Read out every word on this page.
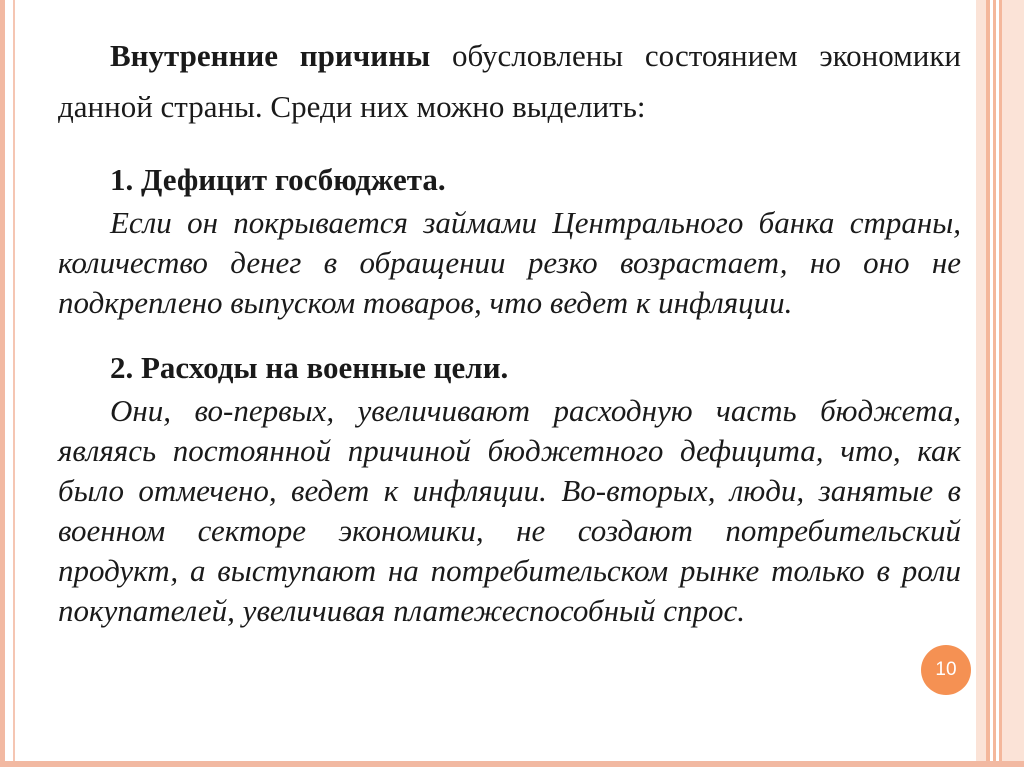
Внутренние причины обусловлены состоянием экономики данной страны. Среди них можно выделить:

1. Дефицит госбюджета.

Если он покрывается займами Центрального банка страны, количество денег в обращении резко возрастает, но оно не подкреплено выпуском товаров, что ведет к инфляции.

2. Расходы на военные цели.

Они, во-первых, увеличивают расходную часть бюджета, являясь постоянной причиной бюджетного дефицита, что, как было отмечено, ведет к инфляции. Во-вторых, люди, занятые в военном секторе экономики, не создают потребительский продукт, а выступают на потребительском рынке только в роли покупателей, увеличивая платежеспособный спрос.

10
